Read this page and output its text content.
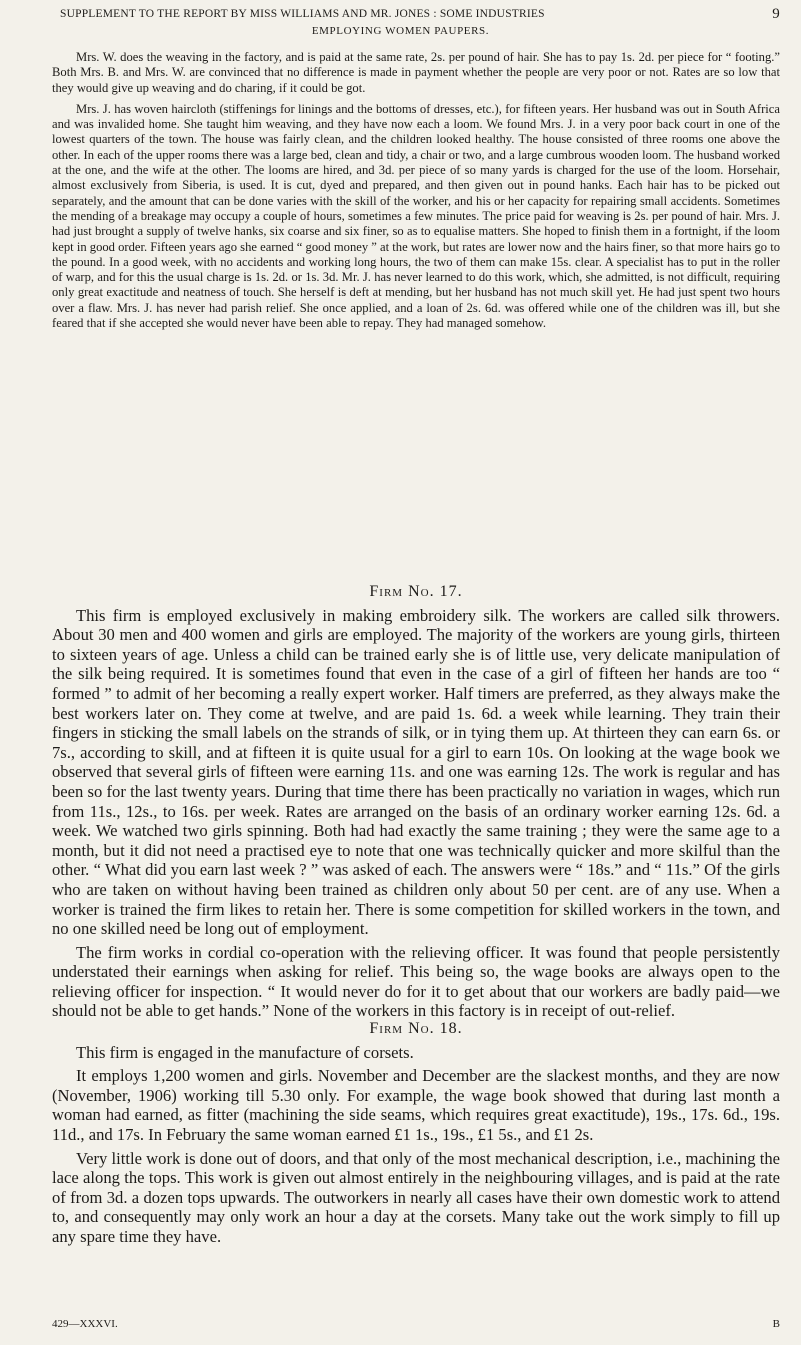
SUPPLEMENT TO THE REPORT BY MISS WILLIAMS AND MR. JONES : SOME INDUSTRIES	9
EMPLOYING WOMEN PAUPERS.

Mrs. W. does the weaving in the factory, and is paid at the same rate, 2s. per pound of hair. She has to pay 1s. 2d. per piece for “ footing.” Both Mrs. B. and Mrs. W. are convinced that no difference is made in payment whether the people are very poor or not. Rates are so low that they would give up weaving and do charing, if it could be got.

Mrs. J. has woven haircloth (stiffenings for linings and the bottoms of dresses, etc.), for fifteen years. Her husband was out in South Africa and was invalided home. She taught him weaving, and they have now each a loom. We found Mrs. J. in a very poor back court in one of the lowest quarters of the town. The house was fairly clean, and the children looked healthy. The house consisted of three rooms one above the other. In each of the upper rooms there was a large bed, clean and tidy, a chair or two, and a large cumbrous wooden loom. The husband worked at the one, and the wife at the other. The looms are hired, and 3d. per piece of so many yards is charged for the use of the loom. Horsehair, almost exclusively from Siberia, is used. It is cut, dyed and prepared, and then given out in pound hanks. Each hair has to be picked out separately, and the amount that can be done varies with the skill of the worker, and his or her capacity for repairing small accidents. Sometimes the mending of a breakage may occupy a couple of hours, sometimes a few minutes. The price paid for weaving is 2s. per pound of hair. Mrs. J. had just brought a supply of twelve hanks, six coarse and six finer, so as to equalise matters. She hoped to finish them in a fortnight, if the loom kept in good order. Fifteen years ago she earned “ good money ” at the work, but rates are lower now and the hairs finer, so that more hairs go to the pound. In a good week, with no accidents and working long hours, the two of them can make 15s. clear. A specialist has to put in the roller of warp, and for this the usual charge is 1s. 2d. or 1s. 3d. Mr. J. has never learned to do this work, which, she admitted, is not difficult, requiring only great exactitude and neatness of touch. She herself is deft at mending, but her husband has not much skill yet. He had just spent two hours over a flaw. Mrs. J. has never had parish relief. She once applied, and a loan of 2s. 6d. was offered while one of the children was ill, but she feared that if she accepted she would never have been able to repay. They had managed somehow.

Firm No. 17.

This firm is employed exclusively in making embroidery silk. The workers are called silk throwers. About 30 men and 400 women and girls are employed. The majority of the workers are young girls, thirteen to sixteen years of age. Unless a child can be trained early she is of little use, very delicate manipulation of the silk being required. It is sometimes found that even in the case of a girl of fifteen her hands are too “ formed ” to admit of her becoming a really expert worker. Half timers are preferred, as they always make the best workers later on. They come at twelve, and are paid 1s. 6d. a week while learning. They train their fingers in sticking the small labels on the strands of silk, or in tying them up. At thirteen they can earn 6s. or 7s., according to skill, and at fifteen it is quite usual for a girl to earn 10s. On looking at the wage book we observed that several girls of fifteen were earning 11s. and one was earning 12s. The work is regular and has been so for the last twenty years. During that time there has been practically no variation in wages, which run from 11s., 12s., to 16s. per week. Rates are arranged on the basis of an ordinary worker earning 12s. 6d. a week. We watched two girls spinning. Both had had exactly the same training ; they were the same age to a month, but it did not need a practised eye to note that one was technically quicker and more skilful than the other. “ What did you earn last week ? ” was asked of each. The answers were “ 18s.” and “ 11s.” Of the girls who are taken on without having been trained as children only about 50 per cent. are of any use. When a worker is trained the firm likes to retain her. There is some competition for skilled workers in the town, and no one skilled need be long out of employment.

The firm works in cordial co-operation with the relieving officer. It was found that people persistently understated their earnings when asking for relief. This being so, the wage books are always open to the relieving officer for inspection. “ It would never do for it to get about that our workers are badly paid—we should not be able to get hands.” None of the workers in this factory is in receipt of out-relief.

Firm No. 18.

This firm is engaged in the manufacture of corsets.

It employs 1,200 women and girls. November and December are the slackest months, and they are now (November, 1906) working till 5.30 only. For example, the wage book showed that during last month a woman had earned, as fitter (machining the side seams, which requires great exactitude), 19s., 17s. 6d., 19s. 11d., and 17s. In February the same woman earned £1 1s., 19s., £1 5s., and £1 2s.

Very little work is done out of doors, and that only of the most mechanical description, i.e., machining the lace along the tops. This work is given out almost entirely in the neighbouring villages, and is paid at the rate of from 3d. a dozen tops upwards. The outworkers in nearly all cases have their own domestic work to attend to, and consequently may only work an hour a day at the corsets. Many take out the work simply to fill up any spare time they have.

429—XXXVI.	B
